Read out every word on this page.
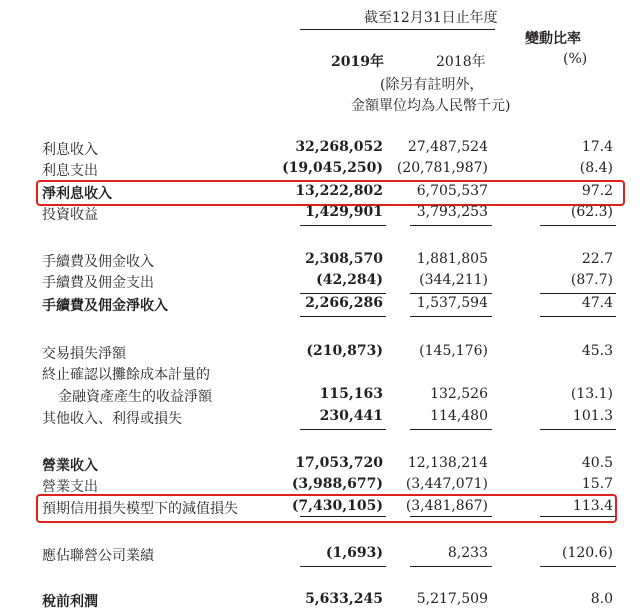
截至12月31日止年度
變動比率
2019年	2018年	(%)
(除另有註明外，
金額單位均為人民幣千元)
利息收入	32,268,052 27,487,524	17.4
利息支出	(19,045,250) (20,781,987)	(8.4)
淨利息收入	13,222,802 6,705,537	97.2
投資收益	1,429,901 3,793,253	(62.3)
手續費及佣金收入	2,308,570 1,881,805	22.7
手續費及佣金支出	(42,284)	(344,211)	(87.7)
手續費及佣金淨收入	2,266,286 1,537,594	47.4
交易損失淨額	(210,873)	(145,176)	45.3
終止確認以攤餘成本計量的
金融資產產生的收益淨額	115,163	132,526	(13.1)
其他收入、利得或損失	230,441	114,480	101.3
營業收入	17,053,720 12,138,214	40.5
營業支出	(3,988,677) (3,447,071)	15.7
預期信用損失模型下的減值損失	(7,430,105) (3,481,867)	113.4
應佔聯營公司業績	(1,693)	8,233	(120.6)
稅前利潤	5,633,245 5,217,509	8.0
